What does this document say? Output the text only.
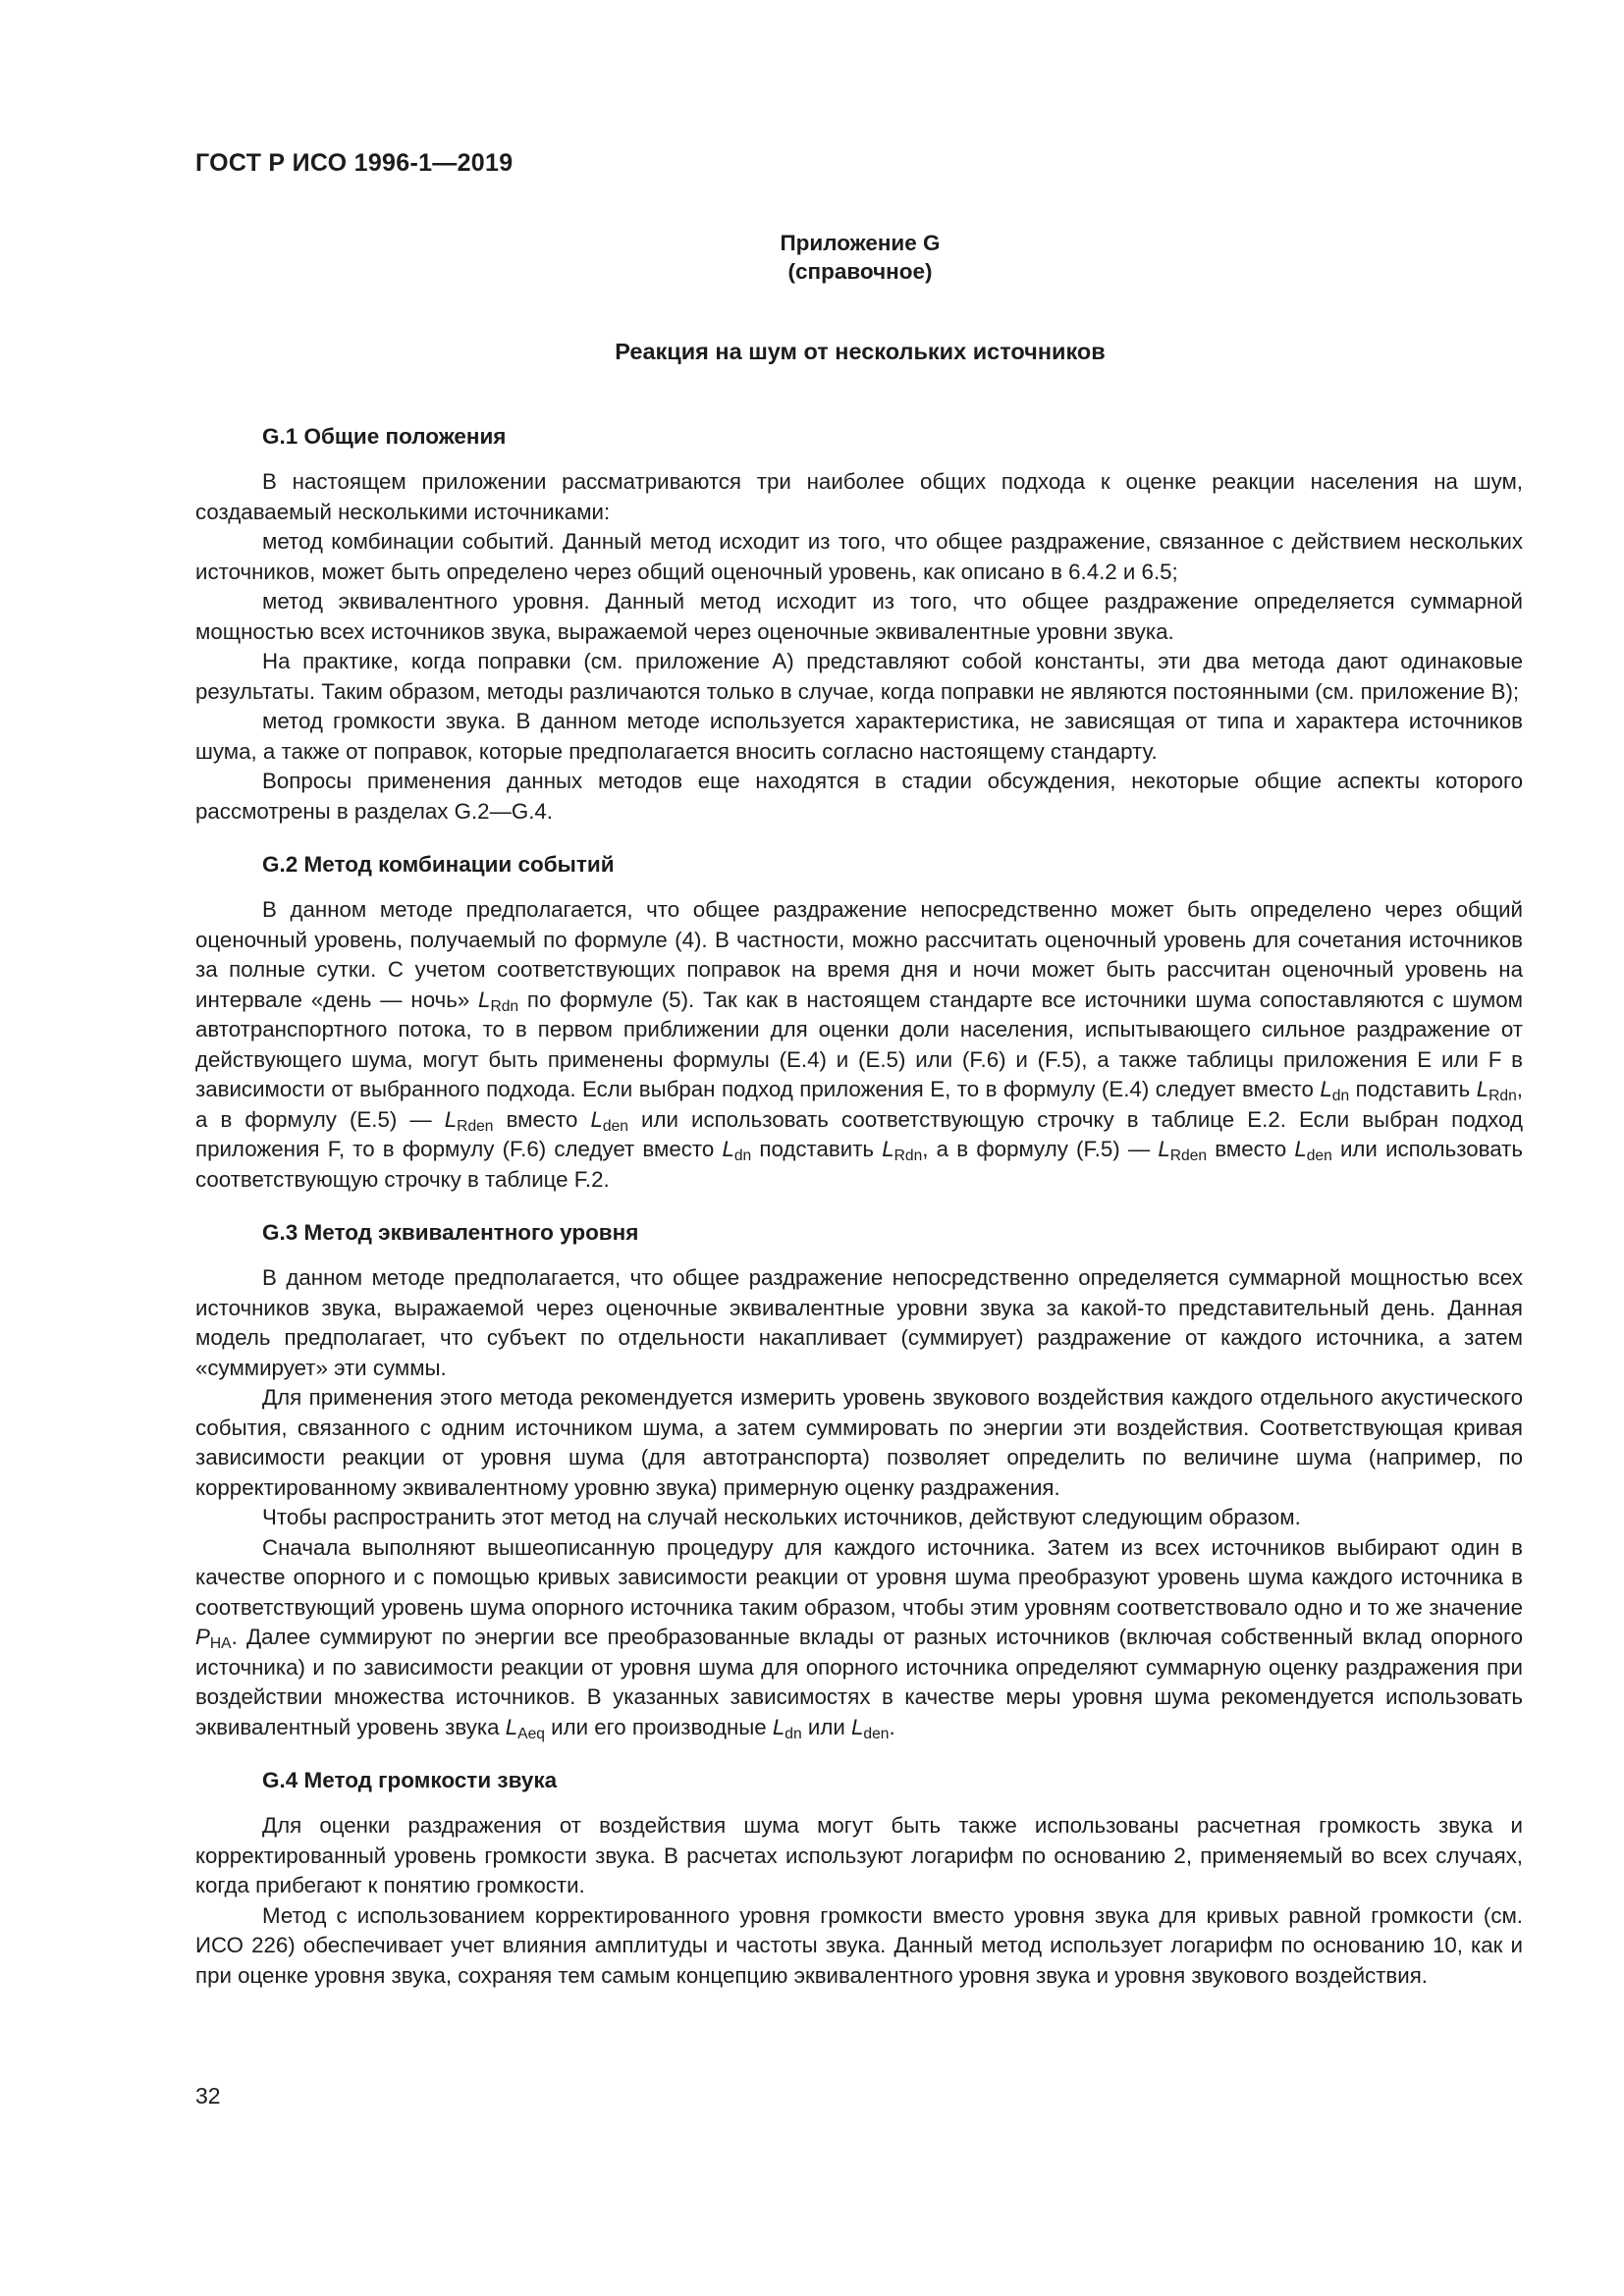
ГОСТ Р ИСО 1996-1—2019

Приложение G
(справочное)

Реакция на шум от нескольких источников

G.1 Общие положения

В настоящем приложении рассматриваются три наиболее общих подхода к оценке реакции населения на шум, создаваемый несколькими источниками:

метод комбинации событий. Данный метод исходит из того, что общее раздражение, связанное с действием нескольких источников, может быть определено через общий оценочный уровень, как описано в 6.4.2 и 6.5;

метод эквивалентного уровня. Данный метод исходит из того, что общее раздражение определяется суммарной мощностью всех источников звука, выражаемой через оценочные эквивалентные уровни звука.

На практике, когда поправки (см. приложение А) представляют собой константы, эти два метода дают одинаковые результаты. Таким образом, методы различаются только в случае, когда поправки не являются постоянными (см. приложение В);

метод громкости звука. В данном методе используется характеристика, не зависящая от типа и характера источников шума, а также от поправок, которые предполагается вносить согласно настоящему стандарту.

Вопросы применения данных методов еще находятся в стадии обсуждения, некоторые общие аспекты которого рассмотрены в разделах G.2—G.4.

G.2 Метод комбинации событий

В данном методе предполагается, что общее раздражение непосредственно может быть определено через общий оценочный уровень, получаемый по формуле (4). В частности, можно рассчитать оценочный уровень для сочетания источников за полные сутки. С учетом соответствующих поправок на время дня и ночи может быть рассчитан оценочный уровень на интервале «день — ночь» $L_{Rdn}$ по формуле (5). Так как в настоящем стандарте все источники шума сопоставляются с шумом автотранспортного потока, то в первом приближении для оценки доли населения, испытывающего сильное раздражение от действующего шума, могут быть применены формулы (Е.4) и (Е.5) или (F.6) и (F.5), а также таблицы приложения Е или F в зависимости от выбранного подхода. Если выбран подход приложения Е, то в формулу (Е.4) следует вместо $L_{dn}$ подставить $L_{Rdn}$, а в формулу (Е.5) — $L_{Rden}$ вместо $L_{den}$ или использовать соответствующую строчку в таблице Е.2. Если выбран подход приложения F, то в формулу (F.6) следует вместо $L_{dn}$ подставить $L_{Rdn}$, а в формулу (F.5) — $L_{Rden}$ вместо $L_{den}$ или использовать соответствующую строчку в таблице F.2.

G.3 Метод эквивалентного уровня

В данном методе предполагается, что общее раздражение непосредственно определяется суммарной мощностью всех источников звука, выражаемой через оценочные эквивалентные уровни звука за какой-то представительный день. Данная модель предполагает, что субъект по отдельности накапливает (суммирует) раздражение от каждого источника, а затем «суммирует» эти суммы.

Для применения этого метода рекомендуется измерить уровень звукового воздействия каждого отдельного акустического события, связанного с одним источником шума, а затем суммировать по энергии эти воздействия. Соответствующая кривая зависимости реакции от уровня шума (для автотранспорта) позволяет определить по величине шума (например, по корректированному эквивалентному уровню звука) примерную оценку раздражения.

Чтобы распространить этот метод на случай нескольких источников, действуют следующим образом.

Сначала выполняют вышеописанную процедуру для каждого источника. Затем из всех источников выбирают один в качестве опорного и с помощью кривых зависимости реакции от уровня шума преобразуют уровень шума каждого источника в соответствующий уровень шума опорного источника таким образом, чтобы этим уровням соответствовало одно и то же значение $P_{HA}$. Далее суммируют по энергии все преобразованные вклады от разных источников (включая собственный вклад опорного источника) и по зависимости реакции от уровня шума для опорного источника определяют суммарную оценку раздражения при воздействии множества источников. В указанных зависимостях в качестве меры уровня шума рекомендуется использовать эквивалентный уровень звука $L_{Aeq}$ или его производные $L_{dn}$ или $L_{den}$.

G.4 Метод громкости звука

Для оценки раздражения от воздействия шума могут быть также использованы расчетная громкость звука и корректированный уровень громкости звука. В расчетах используют логарифм по основанию 2, применяемый во всех случаях, когда прибегают к понятию громкости.

Метод с использованием корректированного уровня громкости вместо уровня звука для кривых равной громкости (см. ИСО 226) обеспечивает учет влияния амплитуды и частоты звука. Данный метод использует логарифм по основанию 10, как и при оценке уровня звука, сохраняя тем самым концепцию эквивалентного уровня звука и уровня звукового воздействия.

32
